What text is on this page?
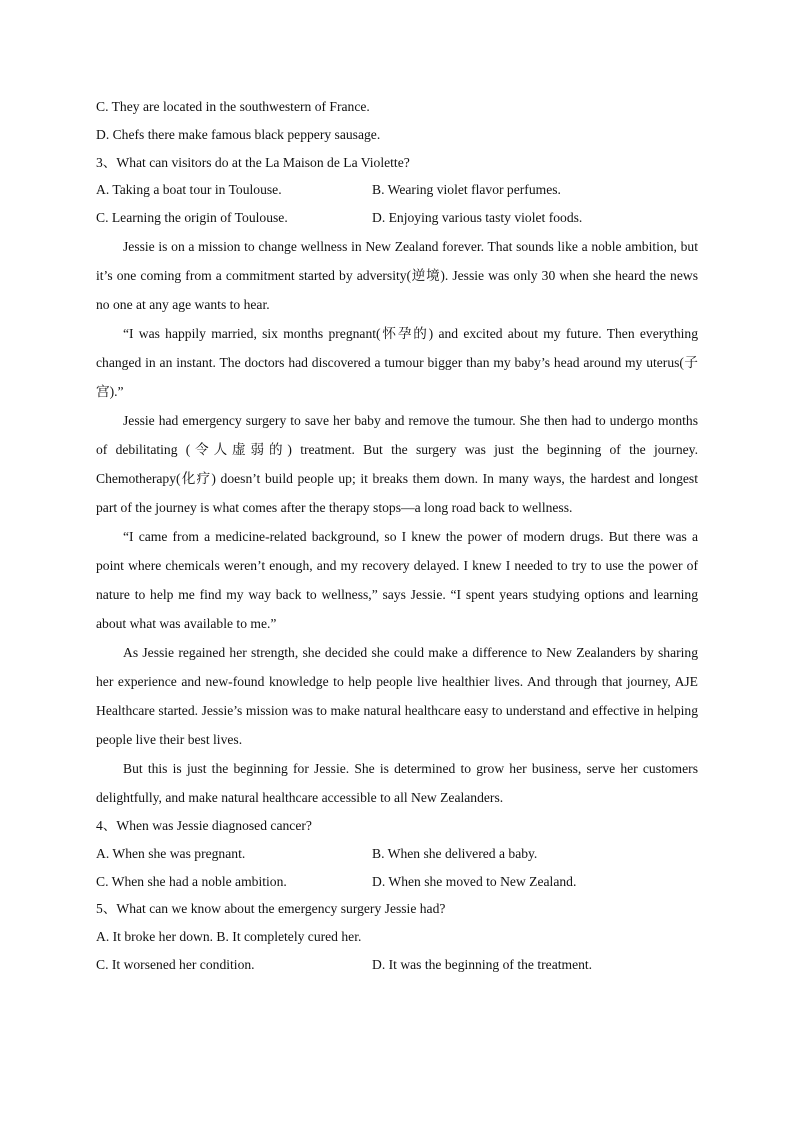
C. They are located in the southwestern of France.
D. Chefs there make famous black peppery sausage.
3、What can visitors do at the La Maison de La Violette?
A. Taking a boat tour in Toulouse.	B. Wearing violet flavor perfumes.
C. Learning the origin of Toulouse.	D. Enjoying various tasty violet foods.
Jessie is on a mission to change wellness in New Zealand forever. That sounds like a noble ambition, but it’s one coming from a commitment started by adversity(逆境). Jessie was only 30 when she heard the news no one at any age wants to hear.
“I was happily married, six months pregnant(怀孕的) and excited about my future. Then everything changed in an instant. The doctors had discovered a tumour bigger than my baby’s head around my uterus(子宫).”
Jessie had emergency surgery to save her baby and remove the tumour. She then had to undergo months of debilitating (令人虚弱的) treatment. But the surgery was just the beginning of the journey. Chemotherapy(化疗) doesn’t build people up; it breaks them down. In many ways, the hardest and longest part of the journey is what comes after the therapy stops—a long road back to wellness.
“I came from a medicine-related background, so I knew the power of modern drugs. But there was a point where chemicals weren’t enough, and my recovery delayed. I knew I needed to try to use the power of nature to help me find my way back to wellness,” says Jessie. “I spent years studying options and learning about what was available to me.”
As Jessie regained her strength, she decided she could make a difference to New Zealanders by sharing her experience and new-found knowledge to help people live healthier lives. And through that journey, AJE Healthcare started. Jessie’s mission was to make natural healthcare easy to understand and effective in helping people live their best lives.
But this is just the beginning for Jessie. She is determined to grow her business, serve her customers delightfully, and make natural healthcare accessible to all New Zealanders.
4、When was Jessie diagnosed cancer?
A. When she was pregnant.	B. When she delivered a baby.
C. When she had a noble ambition.	D. When she moved to New Zealand.
5、What can we know about the emergency surgery Jessie had?
A. It broke her down. B. It completely cured her.
C. It worsened her condition.	D. It was the beginning of the treatment.
